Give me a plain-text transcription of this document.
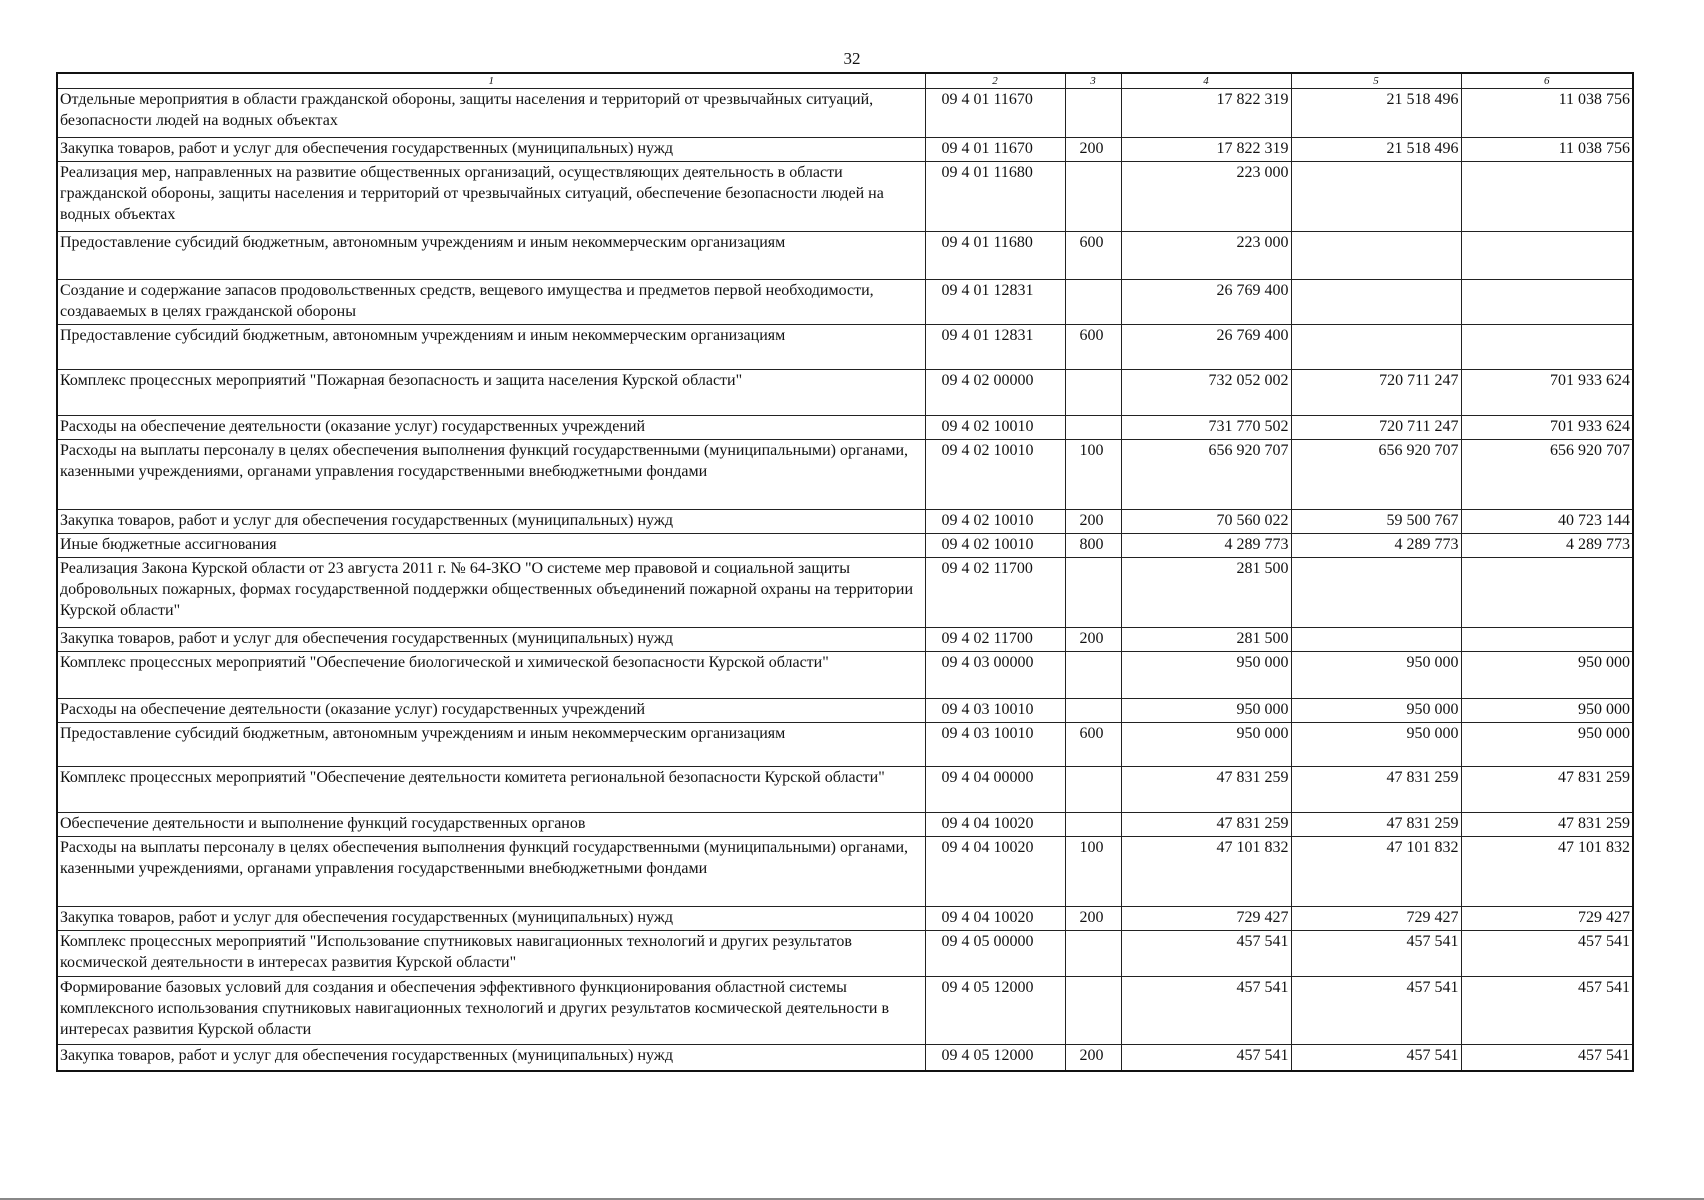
32
1	2	3	4	5	6
Отдельные мероприятия в области гражданской обороны, защиты населения и территорий от чрезвычайных ситуаций, безопасности людей на водных объектах	09 4 01 11670		17 822 319	21 518 496	11 038 756
Закупка товаров, работ и услуг для обеспечения государственных (муниципальных) нужд	09 4 01 11670	200	17 822 319	21 518 496	11 038 756
Реализация мер, направленных на развитие общественных организаций, осуществляющих деятельность в области гражданской обороны, защиты населения и территорий от чрезвычайных ситуаций, обеспечение безопасности людей на водных объектах	09 4 01 11680		223 000		
Предоставление субсидий бюджетным, автономным учреждениям и иным некоммерческим организациям	09 4 01 11680	600	223 000		
Создание и содержание запасов продовольственных средств, вещевого имущества и предметов первой необходимости, создаваемых в целях гражданской обороны	09 4 01 12831		26 769 400		
Предоставление субсидий бюджетным, автономным учреждениям и иным некоммерческим организациям	09 4 01 12831	600	26 769 400		
Комплекс процессных мероприятий "Пожарная безопасность и защита населения Курской области"	09 4 02 00000		732 052 002	720 711 247	701 933 624
Расходы на обеспечение деятельности (оказание услуг) государственных учреждений	09 4 02 10010		731 770 502	720 711 247	701 933 624
Расходы на выплаты персоналу в целях обеспечения выполнения функций государственными (муниципальными) органами, казенными учреждениями, органами управления государственными внебюджетными фондами	09 4 02 10010	100	656 920 707	656 920 707	656 920 707
Закупка товаров, работ и услуг для обеспечения государственных (муниципальных) нужд	09 4 02 10010	200	70 560 022	59 500 767	40 723 144
Иные бюджетные ассигнования	09 4 02 10010	800	4 289 773	4 289 773	4 289 773
Реализация Закона Курской области от 23 августа 2011 г. № 64-ЗКО "О системе мер правовой и социальной защиты добровольных пожарных, формах государственной поддержки общественных объединений пожарной охраны на территории Курской области"	09 4 02 11700		281 500		
Закупка товаров, работ и услуг для обеспечения государственных (муниципальных) нужд	09 4 02 11700	200	281 500		
Комплекс процессных мероприятий "Обеспечение биологической и химической безопасности Курской области"	09 4 03 00000		950 000	950 000	950 000
Расходы на обеспечение деятельности (оказание услуг) государственных учреждений	09 4 03 10010		950 000	950 000	950 000
Предоставление субсидий бюджетным, автономным учреждениям и иным некоммерческим организациям	09 4 03 10010	600	950 000	950 000	950 000
Комплекс процессных мероприятий "Обеспечение деятельности комитета региональной безопасности Курской области"	09 4 04 00000		47 831 259	47 831 259	47 831 259
Обеспечение деятельности и выполнение функций государственных органов	09 4 04 10020		47 831 259	47 831 259	47 831 259
Расходы на выплаты персоналу в целях обеспечения выполнения функций государственными (муниципальными) органами, казенными учреждениями, органами управления государственными внебюджетными фондами	09 4 04 10020	100	47 101 832	47 101 832	47 101 832
Закупка товаров, работ и услуг для обеспечения государственных (муниципальных) нужд	09 4 04 10020	200	729 427	729 427	729 427
Комплекс процессных мероприятий "Использование спутниковых навигационных технологий и других результатов космической деятельности в интересах развития Курской области"	09 4 05 00000		457 541	457 541	457 541
Формирование базовых условий для создания и обеспечения эффективного функционирования областной системы комплексного использования спутниковых навигационных технологий и других результатов космической деятельности в интересах развития Курской области	09 4 05 12000		457 541	457 541	457 541
Закупка товаров, работ и услуг для обеспечения государственных (муниципальных) нужд	09 4 05 12000	200	457 541	457 541	457 541
